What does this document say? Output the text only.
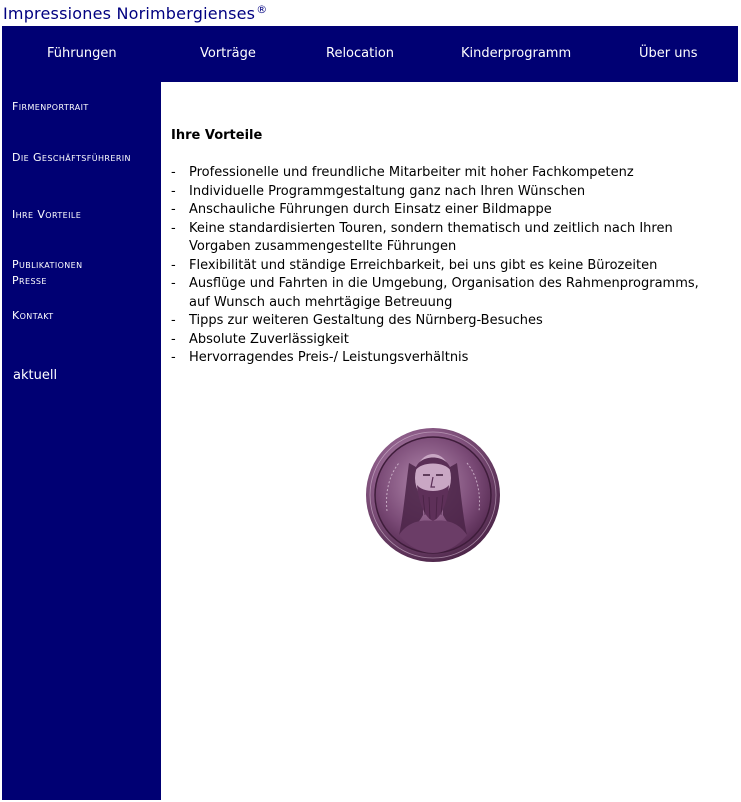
Impressiones Norimbergienses®
Führungen	Vorträge	Relocation	Kinderprogramm	Über uns
Firmenportrait
Die Geschäftsführerin
Ihre Vorteile
Publikationen Presse
Kontakt
aktuell
Ihre Vorteile
- Professionelle und freundliche Mitarbeiter mit hoher Fachkompetenz
- Individuelle Programmgestaltung ganz nach Ihren Wünschen
- Anschauliche Führungen durch Einsatz einer Bildmappe
- Keine standardisierten Touren, sondern thematisch und zeitlich nach Ihren Vorgaben zusammengestellte Führungen
- Flexibilität und ständige Erreichbarkeit, bei uns gibt es keine Bürozeiten
- Ausflüge und Fahrten in die Umgebung, Organisation des Rahmenprogramms, auf Wunsch auch mehrtägige Betreuung
- Tipps zur weiteren Gestaltung des Nürnberg-Besuches
- Absolute Zuverlässigkeit
- Hervorragendes Preis-/ Leistungsverhältnis
